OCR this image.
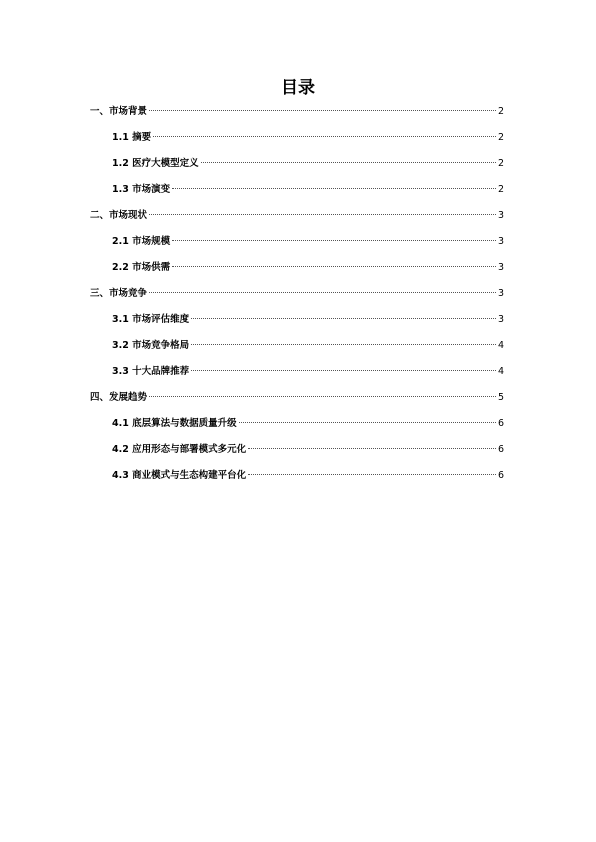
目录
一、市场背景	2
1.1 摘要	2
1.2 医疗大模型定义	2
1.3 市场演变	2
二、市场现状	3
2.1 市场规模	3
2.2 市场供需	3
三、市场竞争	3
3.1 市场评估维度	3
3.2 市场竞争格局	4
3.3 十大品牌推荐	4
四、发展趋势	5
4.1 底层算法与数据质量升级	6
4.2 应用形态与部署模式多元化	6
4.3 商业模式与生态构建平台化	6
